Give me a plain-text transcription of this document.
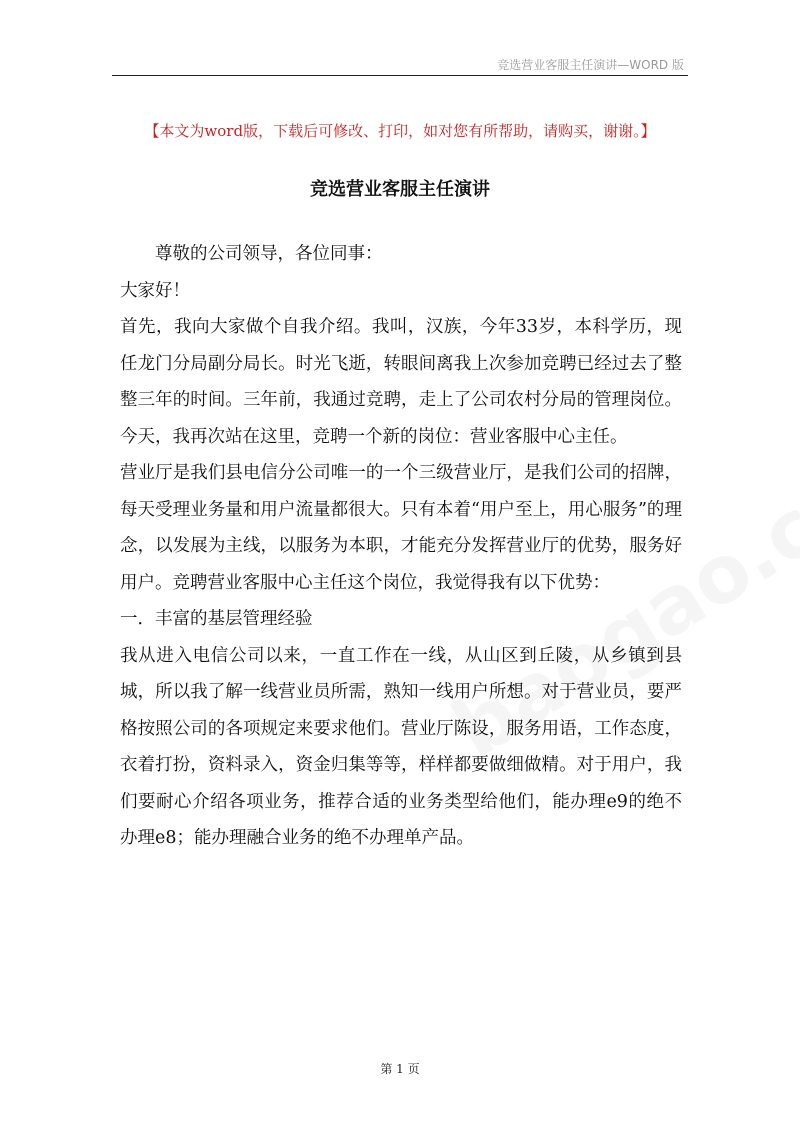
竞选营业客服主任演讲—WORD 版
【本文为word版，下载后可修改、打印，如对您有所帮助，请购买，谢谢。】
竞选营业客服主任演讲

尊敬的公司领导，各位同事：

大家好！

首先，我向大家做个自我介绍。我叫，汉族，今年33岁，本科学历，现任龙门分局副分局长。时光飞逝，转眼间离我上次参加竞聘已经过去了整整三年的时间。三年前，我通过竞聘，走上了公司农村分局的管理岗位。今天，我再次站在这里，竞聘一个新的岗位：营业客服中心主任。

营业厅是我们县电信分公司唯一的一个三级营业厅，是我们公司的招牌，每天受理业务量和用户流量都很大。只有本着“用户至上，用心服务”的理念，以发展为主线，以服务为本职，才能充分发挥营业厅的优势，服务好用户。竞聘营业客服中心主任这个岗位，我觉得我有以下优势：

一．丰富的基层管理经验

我从进入电信公司以来，一直工作在一线，从山区到丘陵，从乡镇到县城，所以我了解一线营业员所需，熟知一线用户所想。对于营业员，要严格按照公司的各项规定来要求他们。营业厅陈设，服务用语，工作态度，衣着打扮，资料录入，资金归集等等，样样都要做细做精。对于用户，我们要耐心介绍各项业务，推荐合适的业务类型给他们，能办理e9的绝不办理e8；能办理融合业务的绝不办理单产品。

第 1 页
